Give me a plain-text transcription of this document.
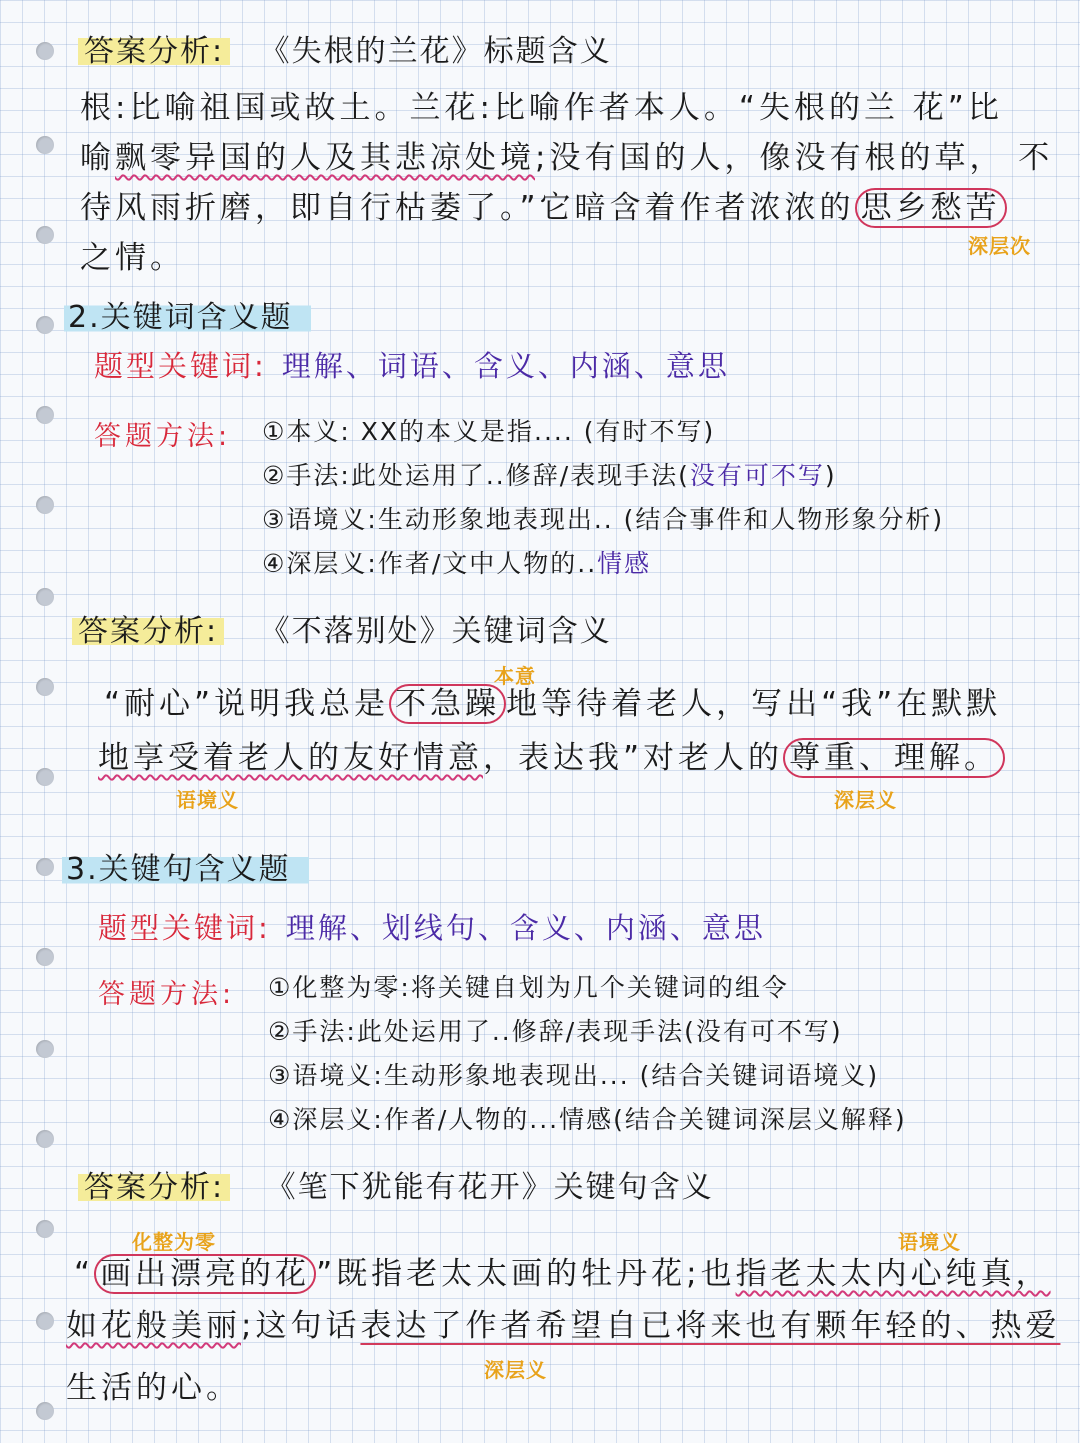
答案分析: 《失根的兰花》标题含义
根:比喻祖国或故土。兰花:比喻作者本人。“失根的兰 花”比
喻飘零异国的人及其悲凉处境;没有国的人，像没有根的草， 不
待风雨折磨，即自行枯萎了。”它暗含着作者浓浓的 思乡愁苦
深层次
之情。
2.关键词含义题
题型关键词: 理解、词语、含义、内涵、意思
答题方法: ①本义: XX的本义是指.... (有时不写)
②手法:此处运用了..修辞/表现手法(没有可不写)
③语境义:生动形象地表现出.. (结合事件和人物形象分析)
④深层义:作者/文中人物的..情感
答案分析: 《不落别处》关键词含义
本意
“耐心”说明我总是 不急躁 地等待着老人，写出“我”在默默
地享受着老人的友好情意，表达我”对老人的 尊重、理解。
语境义	深层义
3.关键句含义题
题型关键词: 理解、划线句、含义、内涵、意思
答题方法: ①化整为零:将关键自划为几个关键词的组令
②手法:此处运用了..修辞/表现手法(没有可不写)
③语境义:生动形象地表现出... (结合关键词语境义)
④深层义:作者/人物的...情感(结合关键词深层义解释)
答案分析: 《笔下犹能有花开》关键句含义
化整为零	语境义
“ 画出漂亮的花 ”既指老太太画的牡丹花;也指老太太内心纯真，
如花般美丽;这句话表达了作者希望自已将来也有颗年轻的、热爱
深层义
生活的心。
